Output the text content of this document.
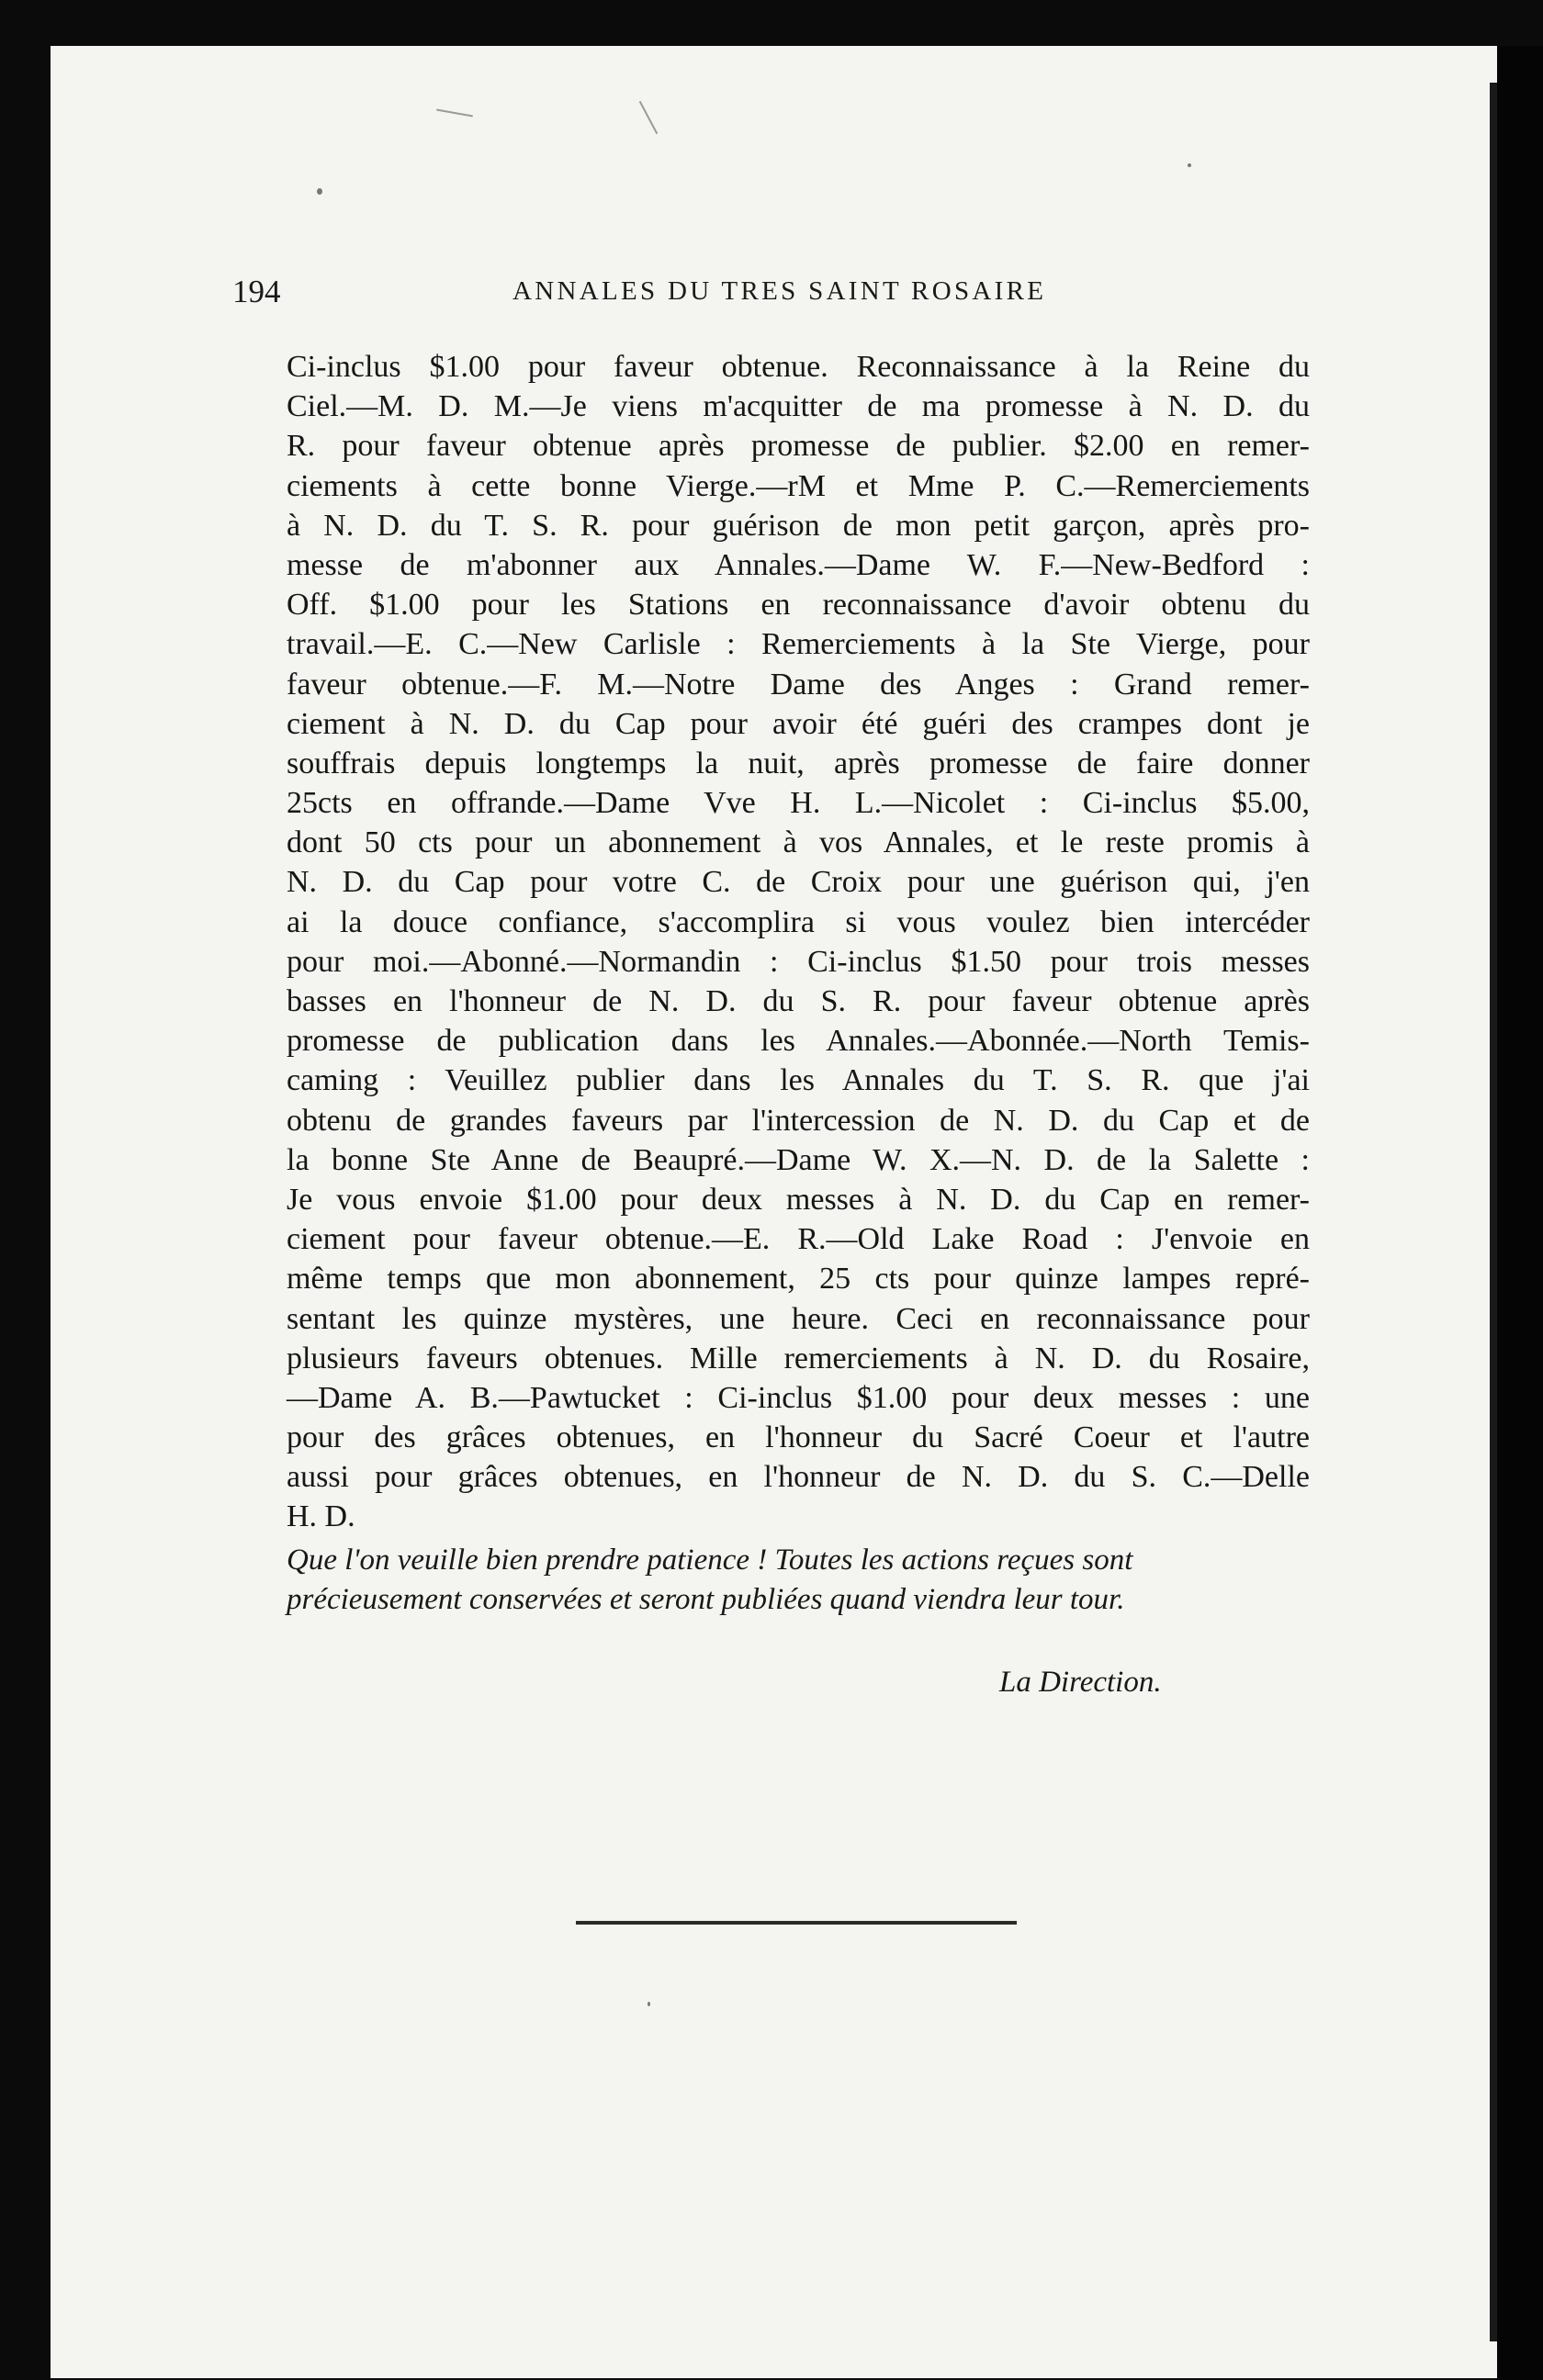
194	ANNALES DU TRES SAINT ROSAIRE
Ci-inclus $1.00 pour faveur obtenue. Reconnaissance à la Reine du
Ciel.—M. D. M.—Je viens m'acquitter de ma promesse à N. D. du
R. pour faveur obtenue après promesse de publier. $2.00 en remer-
ciements à cette bonne Vierge.—rM et Mme P. C.—Remerciements
à N. D. du T. S. R. pour guérison de mon petit garçon, après pro-
messe de m'abonner aux Annales.—Dame W. F.—New-Bedford :
Off. $1.00 pour les Stations en reconnaissance d'avoir obtenu du
travail.—E. C.—New Carlisle : Remerciements à la Ste Vierge, pour
faveur obtenue.—F. M.—Notre Dame des Anges : Grand remer-
ciement à N. D. du Cap pour avoir été guéri des crampes dont je
souffrais depuis longtemps la nuit, après promesse de faire donner
25cts en offrande.—Dame Vve H. L.—Nicolet : Ci-inclus $5.00,
dont 50 cts pour un abonnement à vos Annales, et le reste promis à
N. D. du Cap pour votre C. de Croix pour une guérison qui, j'en
ai la douce confiance, s'accomplira si vous voulez bien intercéder
pour moi.—Abonné.—Normandin : Ci-inclus $1.50 pour trois messes
basses en l'honneur de N. D. du S. R. pour faveur obtenue après
promesse de publication dans les Annales.—Abonnée.—North Temis-
caming : Veuillez publier dans les Annales du T. S. R. que j'ai
obtenu de grandes faveurs par l'intercession de N. D. du Cap et de
la bonne Ste Anne de Beaupré.—Dame W. X.—N. D. de la Salette :
Je vous envoie $1.00 pour deux messes à N. D. du Cap en remer-
ciement pour faveur obtenue.—E. R.—Old Lake Road : J'envoie en
même temps que mon abonnement, 25 cts pour quinze lampes repré-
sentant les quinze mystères, une heure. Ceci en reconnaissance pour
plusieurs faveurs obtenues. Mille remerciements à N. D. du Rosaire,
—Dame A. B.—Pawtucket : Ci-inclus $1.00 pour deux messes : une
pour des grâces obtenues, en l'honneur du Sacré Coeur et l'autre
aussi pour grâces obtenues, en l'honneur de N. D. du S. C.—Delle
H. D.
Que l'on veuille bien prendre patience ! Toutes les actions reçues sont précieusement conservées et seront publiées quand viendra leur tour.
La Direction.
